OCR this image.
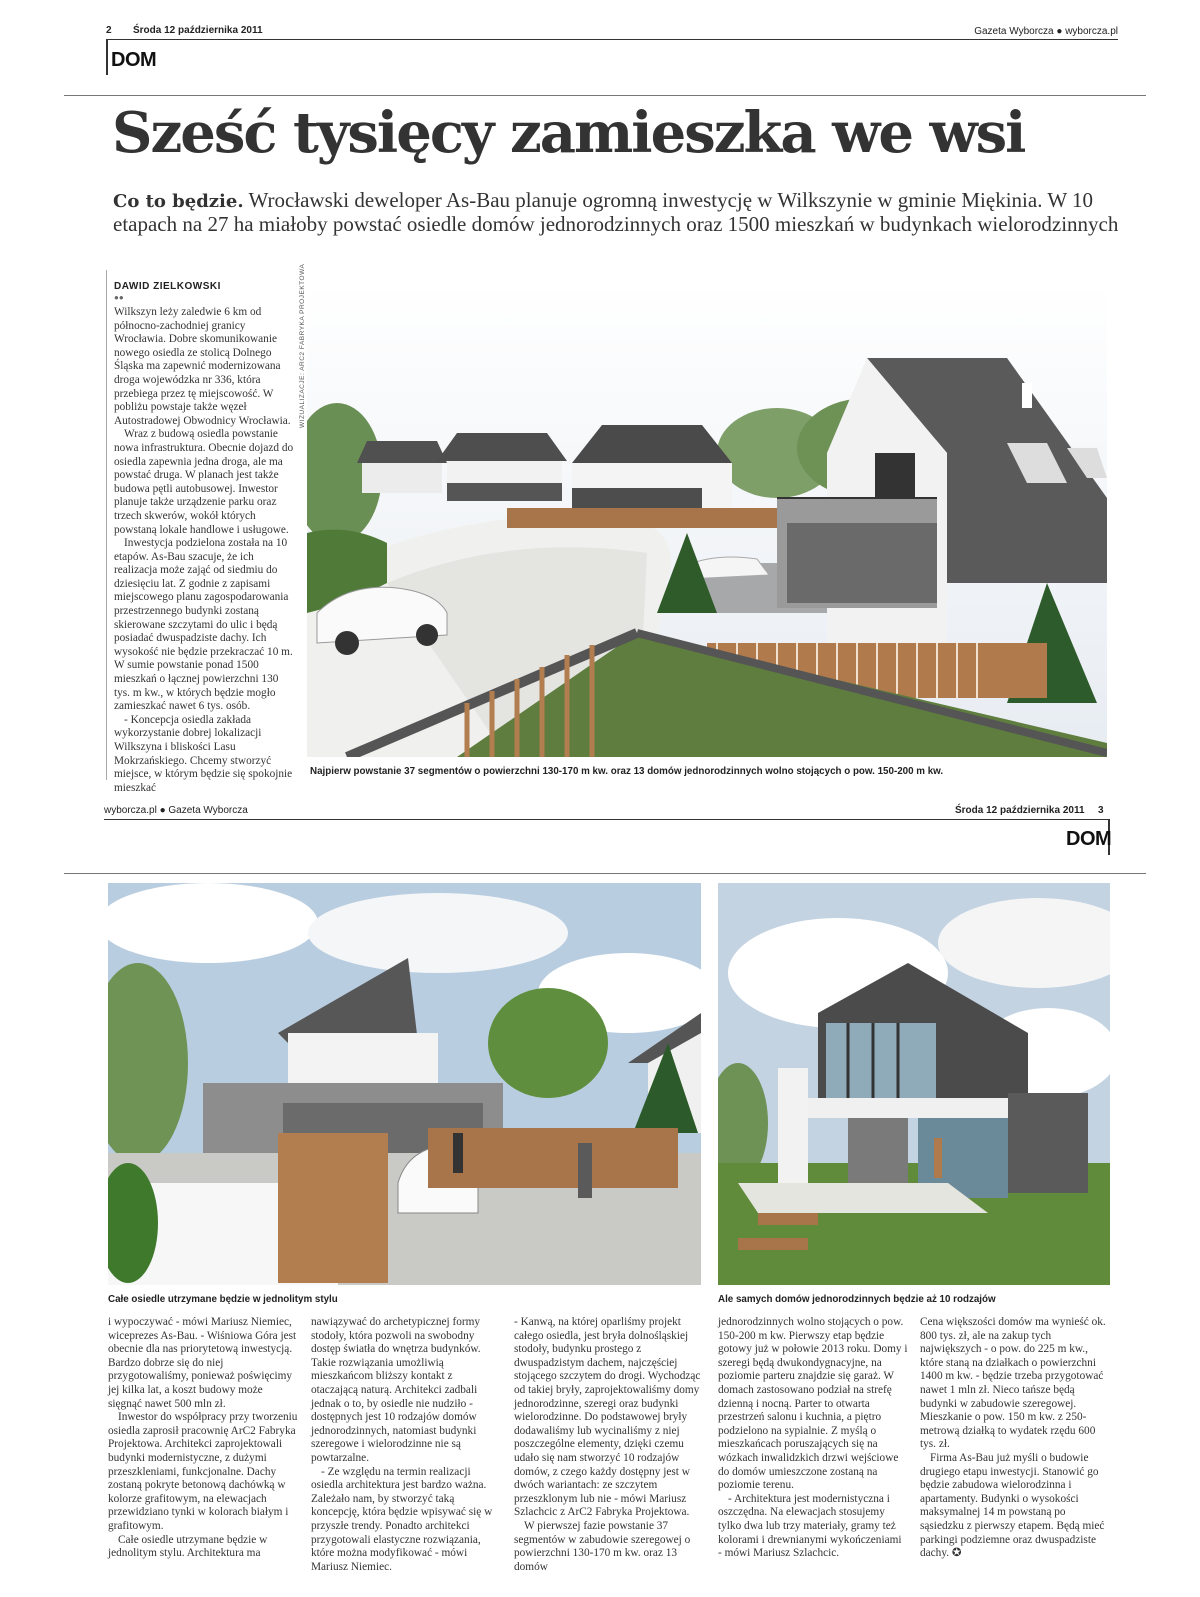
2 Środa 12 października 2011	Gazeta Wyborcza ● wyborcza.pl
DOM
Sześć tysięcy zamieszka we wsi
Co to będzie. Wrocławski deweloper As-Bau planuje ogromną inwestycję w Wilkszynie w gminie Miękinia. W 10 etapach na 27 ha miałoby powstać osiedle domów jednorodzinnych oraz 1500 mieszkań w budynkach wielorodzinnych
DAWID ZIELKOWSKI
●●

Wilkszyn leży zaledwie 6 km od północno-zachodniej granicy Wrocławia. Dobre skomunikowanie nowego osiedla ze stolicą Dolnego Śląska ma zapewnić modernizowana droga wojewódzka nr 336, która przebiega przez tę miejscowość. W pobliżu powstaje także węzeł Autostradowej Obwodnicy Wrocławia.

Wraz z budową osiedla powstanie nowa infrastruktura. Obecnie dojazd do osiedla zapewnia jedna droga, ale ma powstać druga. W planach jest także budowa pętli autobusowej. Inwestor planuje także urządzenie parku oraz trzech skwerów, wokół których powstaną lokale handlowe i usługowe.

Inwestycja podzielona została na 10 etapów. As-Bau szacuje, że ich realizacja może zająć od siedmiu do dziesięciu lat. Z godnie z zapisami miejscowego planu zagospodarowania przestrzennego budynki zostaną skierowane szczytami do ulic i będą posiadać dwuspadziste dachy. Ich wysokość nie będzie przekraczać 10 m. W sumie powstanie ponad 1500 mieszkań o łącznej powierzchni 130 tys. m kw., w których będzie mogło zamieszkać nawet 6 tys. osób.

- Koncepcja osiedla zakłada wykorzystanie dobrej lokalizacji Wilkszyna i bliskości Lasu Mokrzańskiego. Chcemy stworzyć miejsce, w którym będzie się spokojnie mieszkać

WIZUALIZACJE: ARC2 FABRYKA PROJEKTOWA
Najpierw powstanie 37 segmentów o powierzchni 130-170 m kw. oraz 13 domów jednorodzinnych wolno stojących o pow. 150-200 m kw.
wyborcza.pl ● Gazeta Wyborcza	Środa 12 października 2011 3
DOM
Całe osiedle utrzymane będzie w jednolitym stylu	Ale samych domów jednorodzinnych będzie aż 10 rodzajów

i wypoczywać - mówi Mariusz Niemiec, wiceprezes As-Bau. - Wiśniowa Góra jest obecnie dla nas priorytetową inwestycją. Bardzo dobrze się do niej przygotowaliśmy, ponieważ poświęcimy jej kilka lat, a koszt budowy może sięgnąć nawet 500 mln zł.

Inwestor do współpracy przy tworzeniu osiedla zaprosił pracownię ArC2 Fabryka Projektowa. Architekci zaprojektowali budynki modernistyczne, z dużymi przeszkleniami, funkcjonalne. Dachy zostaną pokryte betonową dachówką w kolorze grafitowym, na elewacjach przewidziano tynki w kolorach białym i grafitowym.

Całe osiedle utrzymane będzie w jednolitym stylu. Architektura ma

nawiązywać do archetypicznej formy stodoły, która pozwoli na swobodny dostęp światła do wnętrza budynków. Takie rozwiązania umożliwią mieszkańcom bliższy kontakt z otaczającą naturą. Architekci zadbali jednak o to, by osiedle nie nudziło - dostępnych jest 10 rodzajów domów jednorodzinnych, natomiast budynki szeregowe i wielorodzinne nie są powtarzalne.

- Ze względu na termin realizacji osiedla architektura jest bardzo ważna. Zależało nam, by stworzyć taką koncepcję, która będzie wpisywać się w przyszłe trendy. Ponadto architekci przygotowali elastyczne rozwiązania, które można modyfikować - mówi Mariusz Niemiec.

- Kanwą, na której oparliśmy projekt całego osiedla, jest bryła dolnośląskiej stodoły, budynku prostego z dwuspadzistym dachem, najczęściej stojącego szczytem do drogi. Wychodząc od takiej bryły, zaprojektowaliśmy domy jednorodzinne, szeregi oraz budynki wielorodzinne. Do podstawowej bryły dodawaliśmy lub wycinaliśmy z niej poszczególne elementy, dzięki czemu udało się nam stworzyć 10 rodzajów domów, z czego każdy dostępny jest w dwóch wariantach: ze szczytem przeszklonym lub nie - mówi Mariusz Szlachcic z ArC2 Fabryka Projektowa.

W pierwszej fazie powstanie 37 segmentów w zabudowie szeregowej o powierzchni 130-170 m kw. oraz 13 domów

jednorodzinnych wolno stojących o pow. 150-200 m kw. Pierwszy etap będzie gotowy już w połowie 2013 roku. Domy i szeregi będą dwukondygnacyjne, na poziomie parteru znajdzie się garaż. W domach zastosowano podział na strefę dzienną i nocną. Parter to otwarta przestrzeń salonu i kuchnia, a piętro podzielono na sypialnie. Z myślą o mieszkańcach poruszających się na wózkach inwalidzkich drzwi wejściowe do domów umieszczone zostaną na poziomie terenu.

- Architektura jest modernistyczna i oszczędna. Na elewacjach stosujemy tylko dwa lub trzy materiały, gramy też kolorami i drewnianymi wykończeniami - mówi Mariusz Szlachcic.

Cena większości domów ma wynieść ok. 800 tys. zł, ale na zakup tych największych - o pow. do 225 m kw., które staną na działkach o powierzchni 1400 m kw. - będzie trzeba przygotować nawet 1 mln zł. Nieco tańsze będą budynki w zabudowie szeregowej. Mieszkanie o pow. 150 m kw. z 250-metrową działką to wydatek rzędu 600 tys. zł.

Firma As-Bau już myśli o budowie drugiego etapu inwestycji. Stanowić go będzie zabudowa wielorodzinna i apartamenty. Budynki o wysokości maksymalnej 14 m powstaną po sąsiedzku z pierwszy etapem. Będą mieć parkingi podziemne oraz dwuspadziste dachy. ✪
